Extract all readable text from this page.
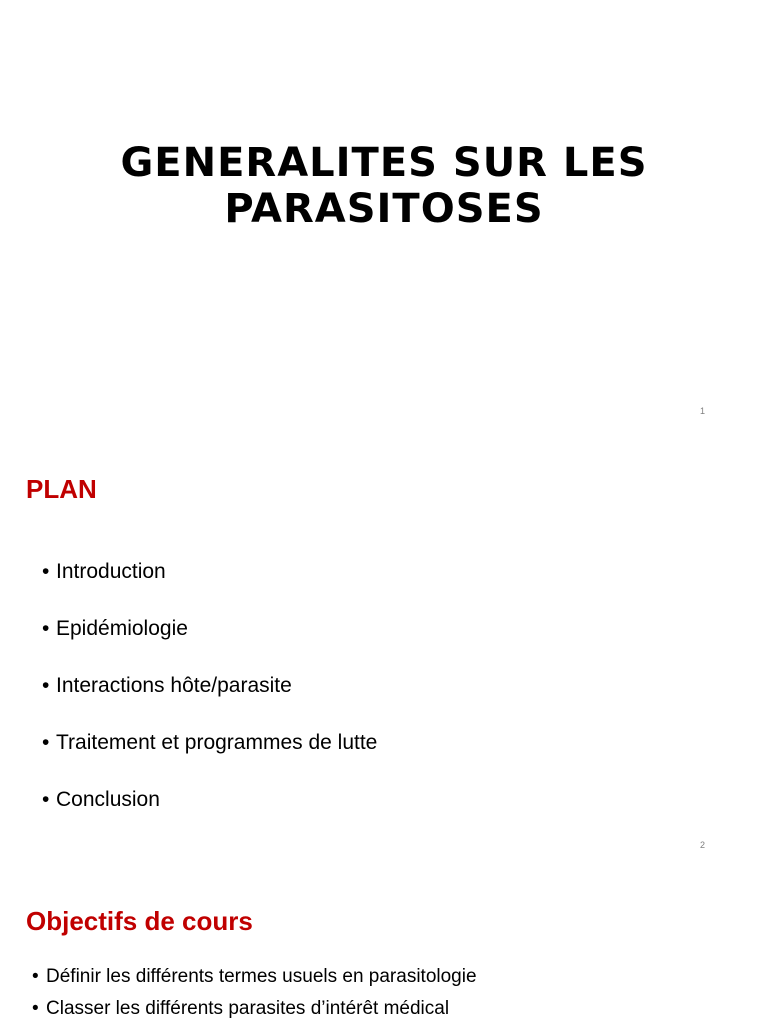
GENERALITES SUR LES
PARASITOSES
1
PLAN
• Introduction
• Epidémiologie
• Interactions hôte/parasite
• Traitement et programmes de lutte
• Conclusion
2
Objectifs de cours
• Définir les différents termes usuels en parasitologie
• Classer les différents parasites d’intérêt médical
